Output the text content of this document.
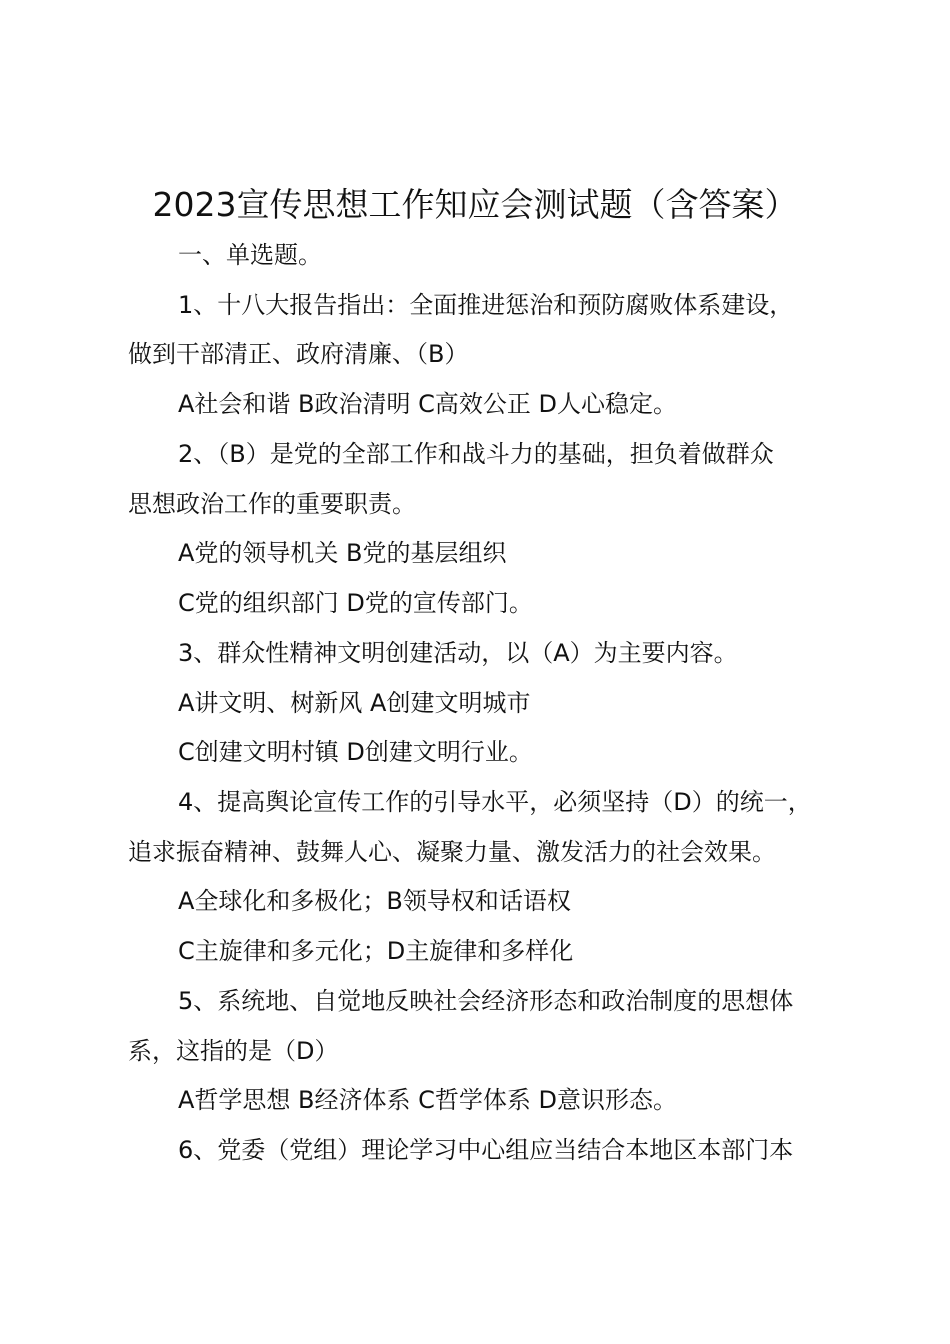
2023宣传思想工作知应会测试题（含答案）
一、单选题。
1、十八大报告指出：全面推进惩治和预防腐败体系建设，
做到干部清正、政府清廉、（B）
A社会和谐 B政治清明 C高效公正 D人心稳定。
2、（B）是党的全部工作和战斗力的基础，担负着做群众
思想政治工作的重要职责。
A党的领导机关 B党的基层组织
C党的组织部门 D党的宣传部门。
3、群众性精神文明创建活动，以（A）为主要内容。
A讲文明、树新风 A创建文明城市
C创建文明村镇 D创建文明行业。
4、提高舆论宣传工作的引导水平，必须坚持（D）的统一，
追求振奋精神、鼓舞人心、凝聚力量、激发活力的社会效果。
A全球化和多极化；B领导权和话语权
C主旋律和多元化；D主旋律和多样化
5、系统地、自觉地反映社会经济形态和政治制度的思想体
系，这指的是（D）
A哲学思想 B经济体系 C哲学体系 D意识形态。
6、党委（党组）理论学习中心组应当结合本地区本部门本
